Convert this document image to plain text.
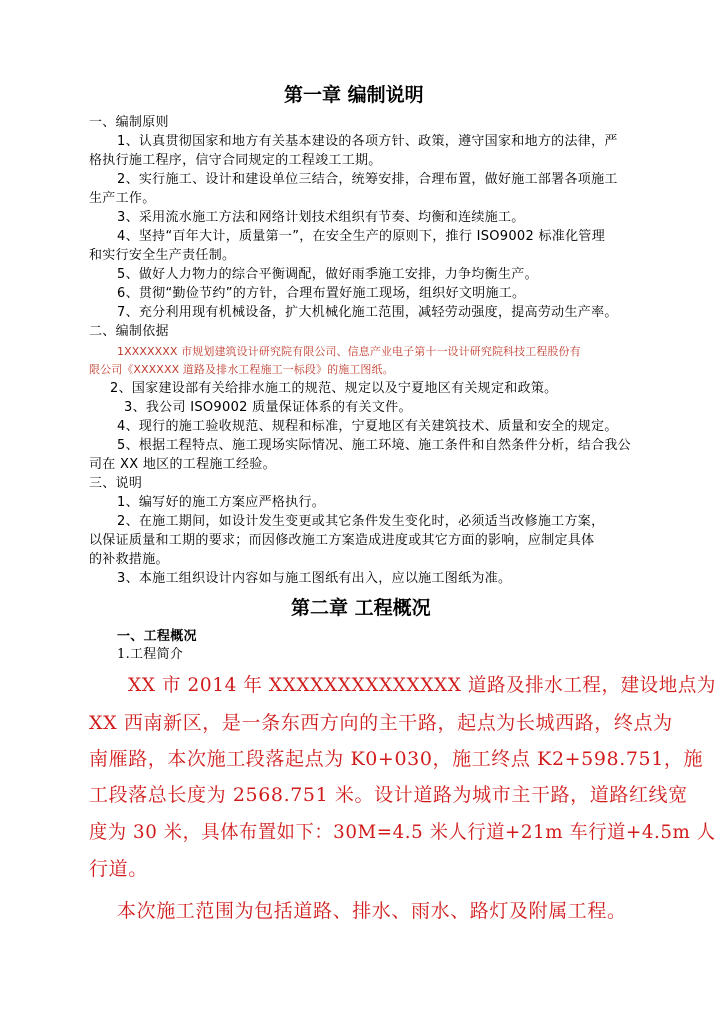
第一章 编制说明
一、编制原则
1、认真贯彻国家和地方有关基本建设的各项方针、政策，遵守国家和地方的法律，严
格执行施工程序，信守合同规定的工程竣工工期。
2、实行施工、设计和建设单位三结合，统筹安排，合理布置，做好施工部署各项施工
生产工作。
3、采用流水施工方法和网络计划技术组织有节奏、均衡和连续施工。
4、坚持“百年大计，质量第一”，在安全生产的原则下，推行 ISO9002 标准化管理
和实行安全生产责任制。
5、做好人力物力的综合平衡调配，做好雨季施工安排，力争均衡生产。
6、贯彻“勤俭节约”的方针，合理布置好施工现场，组织好文明施工。
7、充分利用现有机械设备，扩大机械化施工范围，减轻劳动强度，提高劳动生产率。
二、编制依据
1XXXXXXX 市规划建筑设计研究院有限公司、信息产业电子第十一设计研究院科技工程股份有
限公司《XXXXXX 道路及排水工程施工一标段》的施工图纸。
2、国家建设部有关给排水施工的规范、规定以及宁夏地区有关规定和政策。
3、我公司 ISO9002 质量保证体系的有关文件。
4、现行的施工验收规范、规程和标准，宁夏地区有关建筑技术、质量和安全的规定。
5、根据工程特点、施工现场实际情况、施工环境、施工条件和自然条件分析，结合我公
司在 XX 地区的工程施工经验。
三、说明
1、编写好的施工方案应严格执行。
2、在施工期间，如设计发生变更或其它条件发生变化时，必须适当改修施工方案，
以保证质量和工期的要求；而因修改施工方案造成进度或其它方面的影响，应制定具体
的补救措施。
3、本施工组织设计内容如与施工图纸有出入，应以施工图纸为准。
第二章 工程概况
一、工程概况
1.工程简介
XX 市 2014 年 XXXXXXXXXXXXXX 道路及排水工程，建设地点为
XX 西南新区，是一条东西方向的主干路，起点为长城西路，终点为
南雁路，本次施工段落起点为 K0+030，施工终点 K2+598.751，施
工段落总长度为 2568.751 米。设计道路为城市主干路，道路红线宽
度为 30 米，具体布置如下：30M=4.5 米人行道+21m 车行道+4.5m 人
行道。
本次施工范围为包括道路、排水、雨水、路灯及附属工程。
